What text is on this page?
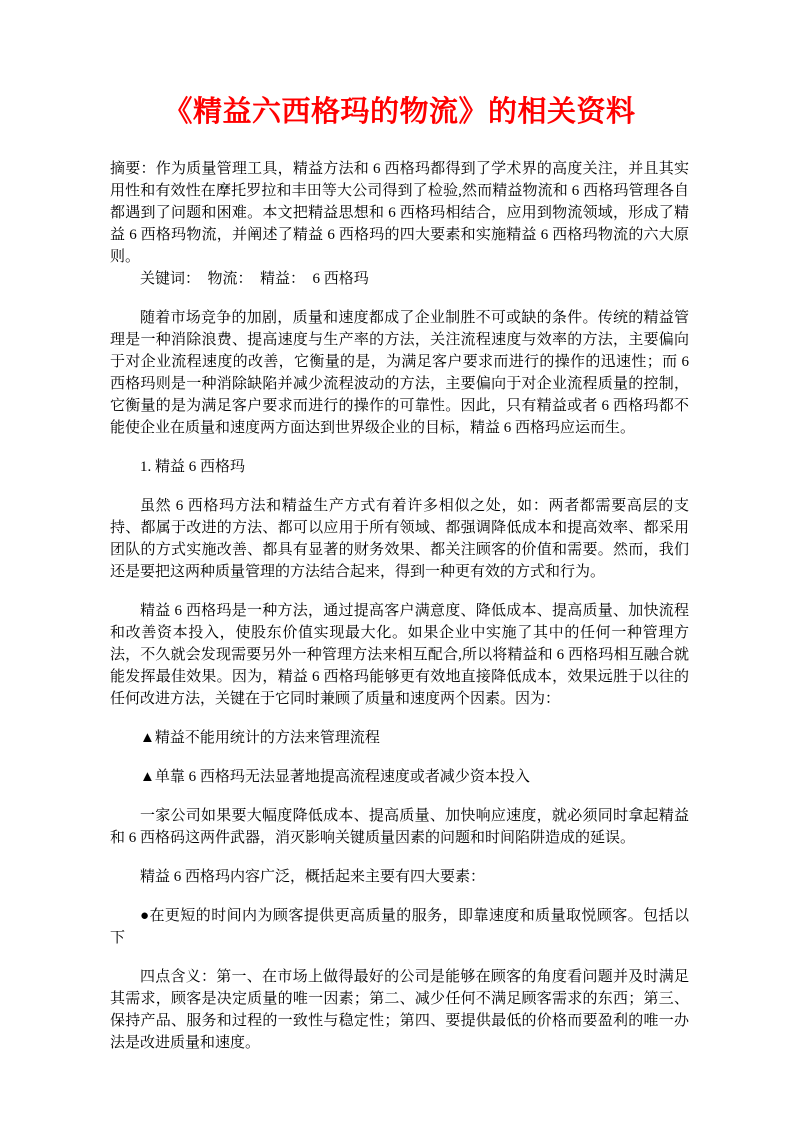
《精益六西格玛的物流》的相关资料

摘要：作为质量管理工具，精益方法和 6 西格玛都得到了学术界的高度关注，并且其实用性和有效性在摩托罗拉和丰田等大公司得到了检验,然而精益物流和 6 西格玛管理各自都遇到了问题和困难。本文把精益思想和 6 西格玛相结合，应用到物流领域，形成了精益 6 西格玛物流，并阐述了精益 6 西格玛的四大要素和实施精益 6 西格玛物流的六大原则。

关键词：  物流：  精益：  6 西格玛

随着市场竞争的加剧，质量和速度都成了企业制胜不可或缺的条件。传统的精益管理是一种消除浪费、提高速度与生产率的方法，关注流程速度与效率的方法，主要偏向于对企业流程速度的改善，它衡量的是，为满足客户要求而进行的操作的迅速性；而 6 西格玛则是一种消除缺陷并减少流程波动的方法，主要偏向于对企业流程质量的控制，它衡量的是为满足客户要求而进行的操作的可靠性。因此，只有精益或者 6 西格玛都不能使企业在质量和速度两方面达到世界级企业的目标，精益 6 西格玛应运而生。

1. 精益 6 西格玛

虽然 6 西格玛方法和精益生产方式有着许多相似之处，如：两者都需要高层的支持、都属于改进的方法、都可以应用于所有领域、都强调降低成本和提高效率、都采用团队的方式实施改善、都具有显著的财务效果、都关注顾客的价值和需要。然而，我们还是要把这两种质量管理的方法结合起来，得到一种更有效的方式和行为。

精益 6 西格玛是一种方法，通过提高客户满意度、降低成本、提高质量、加快流程和改善资本投入，使股东价值实现最大化。如果企业中实施了其中的任何一种管理方法，不久就会发现需要另外一种管理方法来相互配合,所以将精益和 6 西格玛相互融合就能发挥最佳效果。因为，精益 6 西格玛能够更有效地直接降低成本，效果远胜于以往的任何改进方法，关键在于它同时兼顾了质量和速度两个因素。因为：

▲精益不能用统计的方法来管理流程

▲单靠 6 西格玛无法显著地提高流程速度或者减少资本投入

一家公司如果要大幅度降低成本、提高质量、加快响应速度，就必须同时拿起精益和 6 西格码这两件武器，消灭影响关键质量因素的问题和时间陷阱造成的延误。

精益 6 西格玛内容广泛，概括起来主要有四大要素：

●在更短的时间内为顾客提供更高质量的服务，即靠速度和质量取悦顾客。包括以下

四点含义：第一、在市场上做得最好的公司是能够在顾客的角度看问题并及时满足其需求，顾客是决定质量的唯一因素；第二、减少任何不满足顾客需求的东西；第三、保持产品、服务和过程的一致性与稳定性；第四、要提供最低的价格而要盈利的唯一办法是改进质量和速度。
